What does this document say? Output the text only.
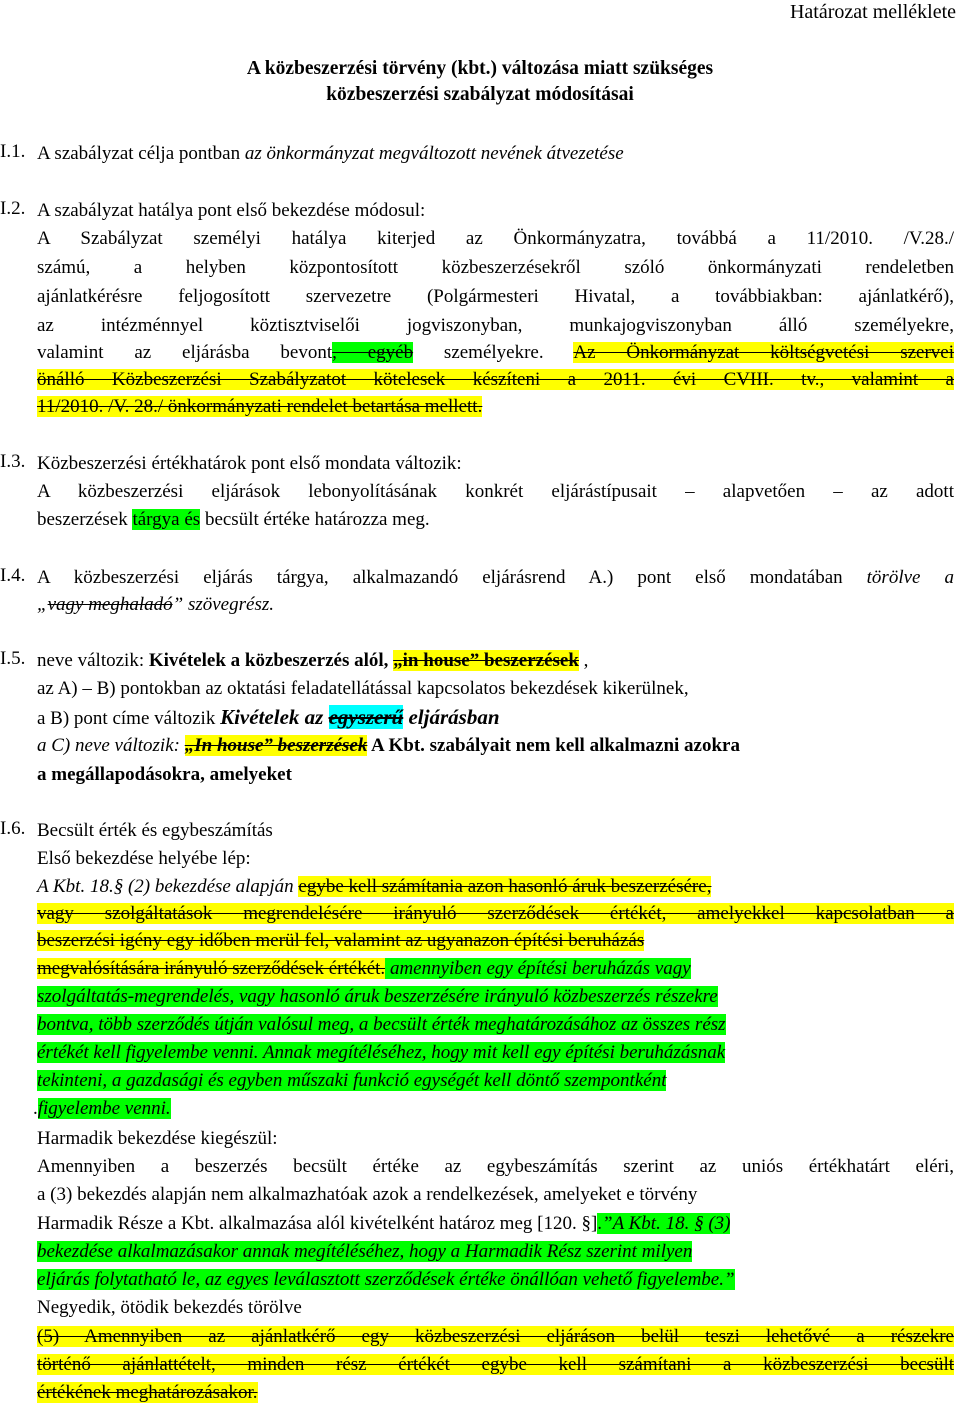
Határozat melléklete
A közbeszerzési törvény (kbt.) változása miatt szükséges
közbeszerzési szabályzat módosításai
I.1. A szabályzat célja pontban az önkormányzat megváltozott nevének átvezetése
I.2. A szabályzat hatálya pont első bekezdése módosul:
A Szabályzat személyi hatálya kiterjed az Önkormányzatra, továbbá a 11/2010. /V.28./
számú, a helyben központosított közbeszerzésekről szóló önkormányzati rendeletben
ajánlatkérésre feljogosított szervezetre (Polgármesteri Hivatal, a továbbiakban: ajánlatkérő),
az intézménnyel köztisztviselői jogviszonyban, munkajogviszonyban álló személyekre,
valamint az eljárásba bevont, egyéb személyekre. Az Önkormányzat költségvetési szervei
önálló Közbeszerzési Szabályzatot kötelesek készíteni a 2011. évi CVIII. tv., valamint a
11/2010. /V. 28./ önkormányzati rendelet betartása mellett.
I.3. Közbeszerzési értékhatárok pont első mondata változik:
A közbeszerzési eljárások lebonyolításának konkrét eljárástípusait – alapvetően – az adott
beszerzések tárgya és becsült értéke határozza meg.
I.4. A közbeszerzési eljárás tárgya, alkalmazandó eljárásrend A.) pont első mondatában törölve a
„vagy meghaladó” szövegrész.
I.5. neve változik: Kivételek a közbeszerzés alól, „in house” beszerzések ,
az A) – B) pontokban az oktatási feladatellátással kapcsolatos bekezdések kikerülnek,
a B) pont címe változik Kivételek az egyszerű eljárásban
a C) neve változik: „In house” beszerzések A Kbt. szabályait nem kell alkalmazni azokra
a megállapodásokra, amelyeket
I.6. Becsült érték és egybeszámítás
Első bekezdése helyébe lép:
A Kbt. 18.§ (2) bekezdése alapján egybe kell számítania azon hasonló áruk beszerzésére,
vagy szolgáltatások megrendelésére irányuló szerződések értékét, amelyekkel kapcsolatban a
beszerzési igény egy időben merül fel, valamint az ugyanazon építési beruházás
megvalósítására irányuló szerződések értékét. amennyiben egy építési beruházás vagy
szolgáltatás-megrendelés, vagy hasonló áruk beszerzésére irányuló közbeszerzés részekre
bontva, több szerződés útján valósul meg, a becsült érték meghatározásához az összes rész
értékét kell figyelembe venni. Annak megítéléséhez, hogy mit kell egy építési beruházásnak
tekinteni, a gazdasági és egyben műszaki funkció egységét kell döntő szempontként
.figyelembe venni.
Harmadik bekezdése kiegészül:
Amennyiben a beszerzés becsült értéke az egybeszámítás szerint az uniós értékhatárt eléri,
a (3) bekezdés alapján nem alkalmazhatóak azok a rendelkezések, amelyeket e törvény
Harmadik Része a Kbt. alkalmazása alól kivételként határoz meg [120. §].”A Kbt. 18. § (3)
bekezdése alkalmazásakor annak megítéléséhez, hogy a Harmadik Rész szerint milyen
eljárás folytatható le, az egyes leválasztott szerződések értéke önállóan vehető figyelembe.”
Negyedik, ötödik bekezdés törölve
(5) Amennyiben az ajánlatkérő egy közbeszerzési eljáráson belül teszi lehetővé a részekre
történő ajánlattételt, minden rész értékét egybe kell számítani a közbeszerzési becsült
értékének meghatározásakor.
